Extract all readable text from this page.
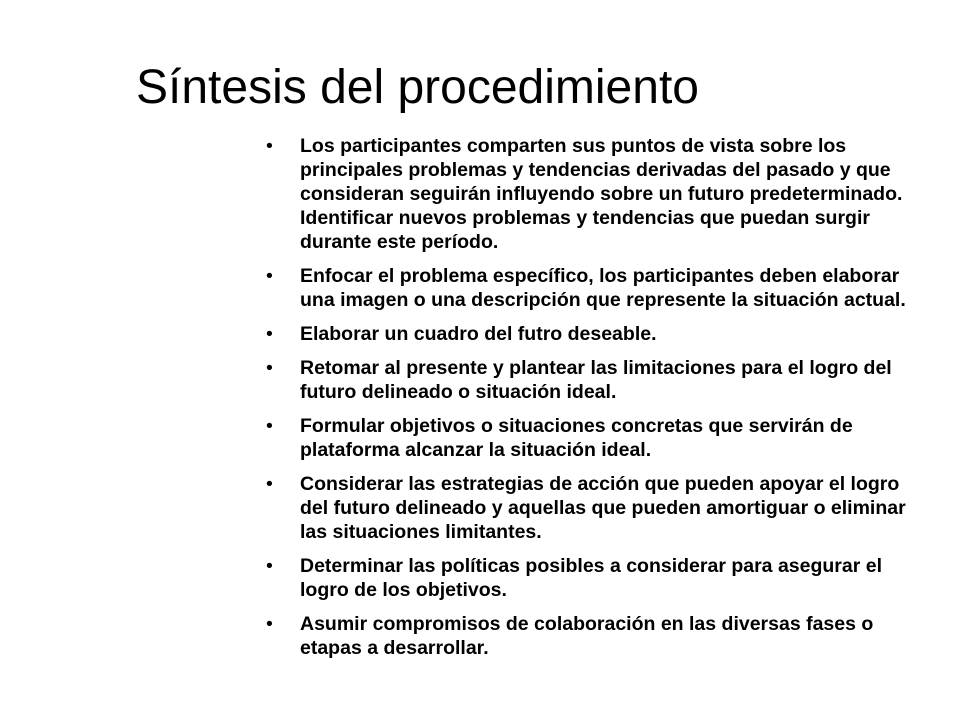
Síntesis del procedimiento
•	Los participantes comparten sus puntos de vista sobre los principales problemas y tendencias derivadas del pasado y que consideran seguirán influyendo sobre un futuro predeterminado. Identificar nuevos problemas y tendencias que puedan surgir durante este período.
•	Enfocar el problema específico, los participantes deben elaborar una imagen o una descripción que represente la situación actual.
•	Elaborar un cuadro del futro deseable.
•	Retomar al presente y plantear las limitaciones para el logro del futuro delineado o situación ideal.
•	Formular objetivos o situaciones concretas que servirán de plataforma alcanzar la situación ideal.
•	Considerar las estrategias de acción que pueden apoyar el logro del futuro delineado y aquellas que pueden amortiguar o eliminar las situaciones limitantes.
•	Determinar las políticas posibles a considerar para asegurar el logro de los objetivos.
•	Asumir compromisos de colaboración en las diversas fases o etapas a desarrollar.
